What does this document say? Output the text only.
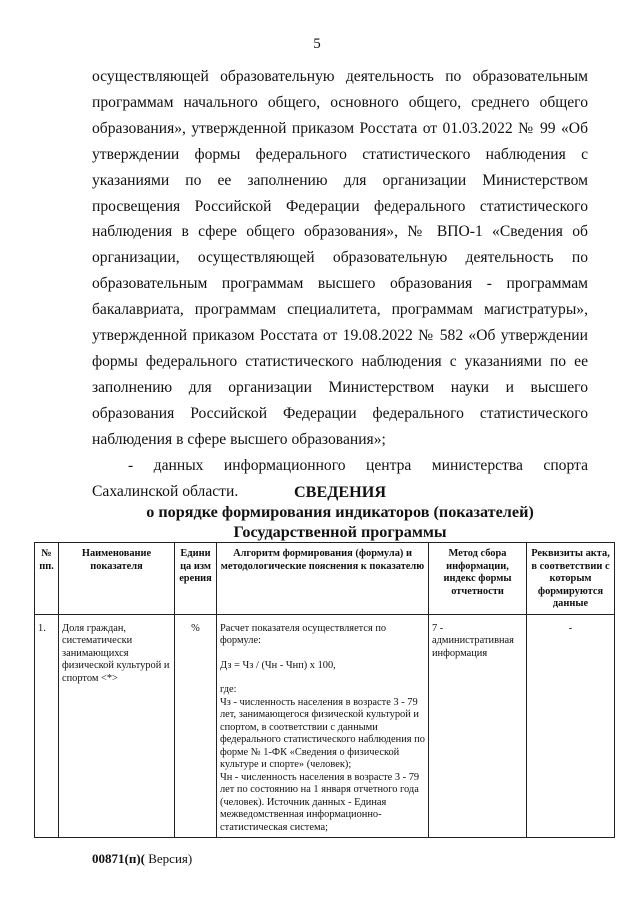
5

осуществляющей образовательную деятельность по образовательным программам начального общего, основного общего, среднего общего образования», утвержденной приказом Росстата от 01.03.2022 № 99 «Об утверждении формы федерального статистического наблюдения с указаниями по ее заполнению для организации Министерством просвещения Российской Федерации федерального статистического наблюдения в сфере общего образования», № ВПО-1 «Сведения об организации, осуществляющей образовательную деятельность по образовательным программам высшего образования - программам бакалавриата, программам специалитета, программам магистратуры», утвержденной приказом Росстата от 19.08.2022 № 582 «Об утверждении формы федерального статистического наблюдения с указаниями по ее заполнению для организации Министерством науки и высшего образования Российской Федерации федерального статистического наблюдения в сфере высшего образования»;

- данных информационного центра министерства спорта Сахалинской области.	СВЕДЕНИЯ
о порядке формирования индикаторов (показателей)
Государственной программы
№ пп.	Наименование показателя	Единица измерения	Алгоритм формирования (формула) и методологические пояснения к показателю	Метод сбора информации, индекс формы отчетности	Реквизиты акта, в соответствии с которым формируются данные
1.	Доля граждан, систематически занимающихся физической культурой и спортом <*>	%	Расчет показателя осуществляется по формуле:
Дз = Чз / (Чн - Чнп) x 100,
где:
Чз - численность населения в возрасте 3 - 79 лет, занимающегося физической культурой и спортом, в соответствии с данными федерального статистического наблюдения по форме № 1-ФК «Сведения о физической культуре и спорте» (человек);
Чн - численность населения в возрасте 3 - 79 лет по состоянию на 1 января отчетного года (человек). Источник данных - Единая межведомственная информационно-статистическая система;	7 - административная информация	-
00871(п)( Версия)
